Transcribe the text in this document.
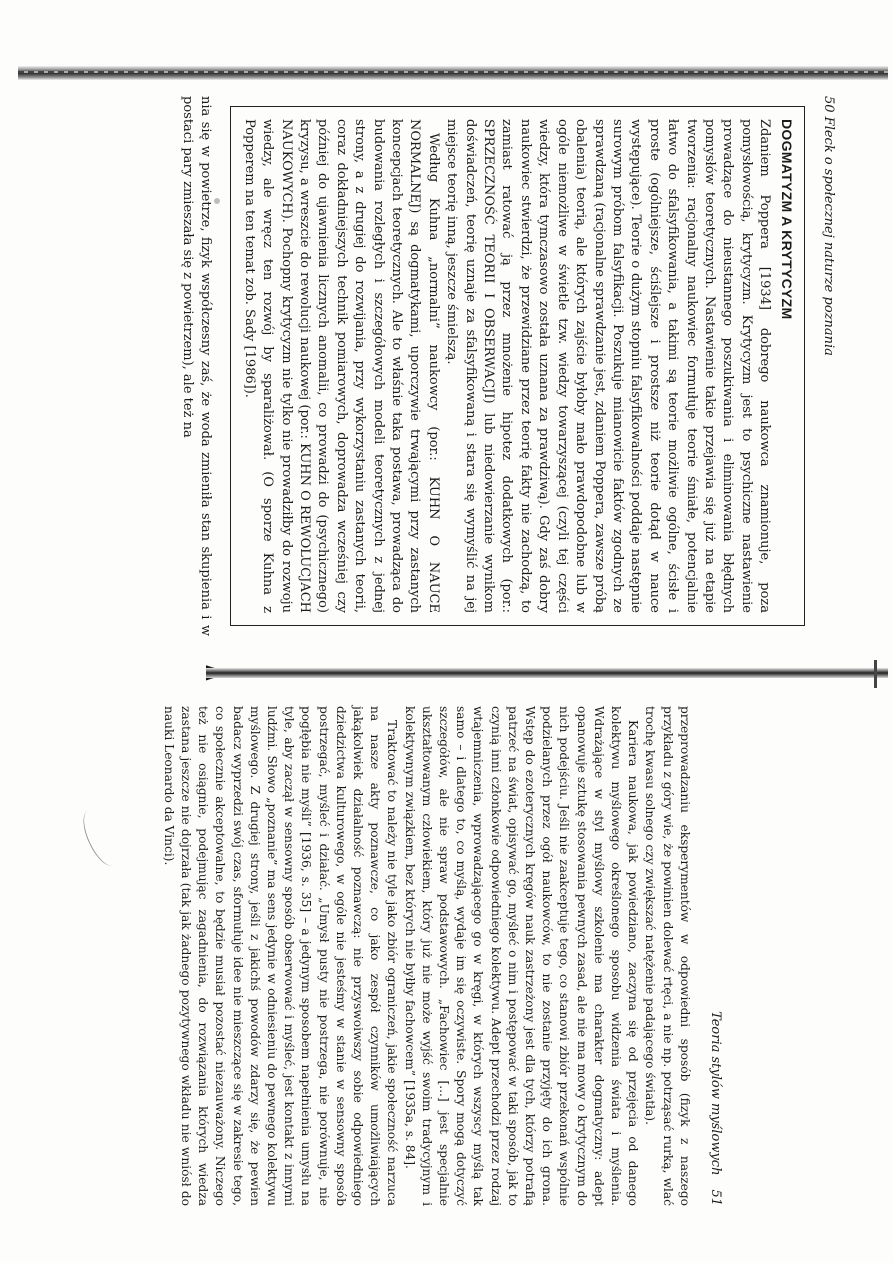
50 Fleck o społecznej naturze poznania
DOGMATYZM A KRYTYCYZM

Zdaniem Poppera [1934] dobrego naukowca znamionuje, poza pomysłowością, krytycyzm. Krytycyzm jest to psychiczne nastawienie prowadzące do nieustannego poszukiwania i eliminowania błędnych pomysłów teoretycznych. Nastawienie takie przejawia się już na etapie tworzenia: racjonalny naukowiec formułuje teorie śmiałe, potencjalnie łatwo do sfalsyfikowania, a takimi są teorie możliwie ogólne, ścisłe i proste (ogólniejsze, ściślejsze i prostsze niż teorie dotąd w nauce występujące). Teorie o dużym stopniu falsyfikowalności poddaje następnie surowym próbom falsyfikacji. Poszukuje mianowicie faktów zgodnych ze sprawdzaną (racjonalne sprawdzanie jest, zdaniem Poppera, zawsze próbą obalenia) teorią, ale których zajście byłoby mało prawdopodobne lub w ogóle niemożliwe w świetle tzw. wiedzy towarzyszącej (czyli tej części wiedzy, która tymczasowo została uznana za prawdziwą). Gdy zaś dobry naukowiec stwierdzi, że przewidziane przez teorię fakty nie zachodzą, to zamiast ratować ją przez mnożenie hipotez dodatkowych (por.: SPRZECZNOŚĆ TEORII I OBSERWACJI) lub niedowierzanie wynikom doświadczeń, teorię uznaje za sfalsyfikowaną i stara się wymyślić na jej miejsce teorię inną, jeszcze śmielszą.

Według Kuhna „normalni” naukowcy (por.: KUHN O NAUCE NORMALNEJ) są dogmatykami, uporczywie trwającymi przy zastanych koncepcjach teoretycznych. Ale to właśnie taka postawa, prowadząca do budowania rozległych i szczegółowych modeli teoretycznych z jednej strony, a z drugiej do rozwijania, przy wykorzystaniu zastanych teorii, coraz dokładniejszych technik pomiarowych, doprowadza wcześniej czy później do ujawnienia licznych anomalii, co prowadzi do (psychicznego) kryzysu, a wreszcie do rewolucji naukowej (por.: KUHN O REWOLUCJACH NAUKOWYCH). Pochopny krytycyzm nie tylko nie prowadziłby do rozwoju wiedzy, ale wręcz ten rozwój by sparaliżował. (O sporze Kuhna z Popperem na ten temat zob. Sady [1986]).

nia się w powietrze, fizyk współczesny zaś, że woda zmieniła stan skupienia i w postaci pary zmieszała się z powietrzem), ale też na

Teoria stylów myślowych
51

przeprowadzaniu eksperymentów w odpowiedni sposób (fizyk z naszego przykładu z góry wie, że powinien dolewać rtęci, a nie np. potrząsać rurką, wlać trochę kwasu solnego czy zwiększać natężenie padającego światła).

Kariera naukowa, jak powiedziano, zaczyna się od przejęcia od danego kolektywu myślowego określonego sposobu widzenia świata i myślenia. Wdrażające w styl myślowy szkolenie ma charakter dogmatyczny: adept opanowuje sztukę stosowania pewnych zasad, ale nie ma mowy o krytycznym do nich podejściu. Jeśli nie zaakceptuje tego, co stanowi zbiór przekonań wspólnie podzielanych przez ogół naukowców, to nie zostanie przyjęty do ich grona. Wstęp do ezoterycznych kręgów nauk zastrzeżony jest dla tych, którzy potrafią patrzeć na świat, opisywać go, myśleć o nim i postępować w taki sposób, jak to czynią inni członkowie odpowiedniego kolektywu. Adept przechodzi przez rodzaj wtajemniczenia, wprowadzającego go w kręgi, w których wszyscy myślą tak samo – i dlatego to, co myślą, wydaje im się oczywiste. Spory mogą dotyczyć szczegółów, ale nie spraw podstawowych. „Fachowiec [...] jest specjalnie ukształtowanym człowiekiem, który już nie może wyjść swoim tradycyjnym i kolektywnym związkiem, bez których nie byłby fachowcem” [1935a, s. 84].

Traktować to należy nie tyle jako zbiór ograniczeń, jakie społeczność narzuca na nasze akty poznawcze, co jako zespół czynników umożliwiających jakąkolwiek działalność poznawczą: nie przyswoiwszy sobie odpowiedniego dziedzictwa kulturowego, w ogóle nie jesteśmy w stanie w sensowny sposób postrzegać, myśleć i działać. „Umysł pusty nie postrzega, nie porównuje, nie pogłębia nie myśli” [1936, s. 35] – a jedynym sposobem napełnienia umysłu na tyle, aby zaczął w sensowny sposób obserwować i myśleć, jest kontakt z innymi ludźmi. Słowo „poznanie” ma sens jedynie w odniesieniu do pewnego kolektywu myślowego. Z drugiej strony, jeśli z jakichś powodów zdarzy się, że pewien badacz wyprzedzi swój czas, sformułuje idee nie mieszczące się w zakresie tego, co społecznie akceptowalne, to będzie musiał pozostać niezauważony. Niczego też nie osiągnie, podejmując zagadnienia, do rozwiązania których wiedza zastana jeszcze nie dojrzała (tak jak żadnego pozytywnego wkładu nie wniósł do nauki Leonardo da Vinci).
